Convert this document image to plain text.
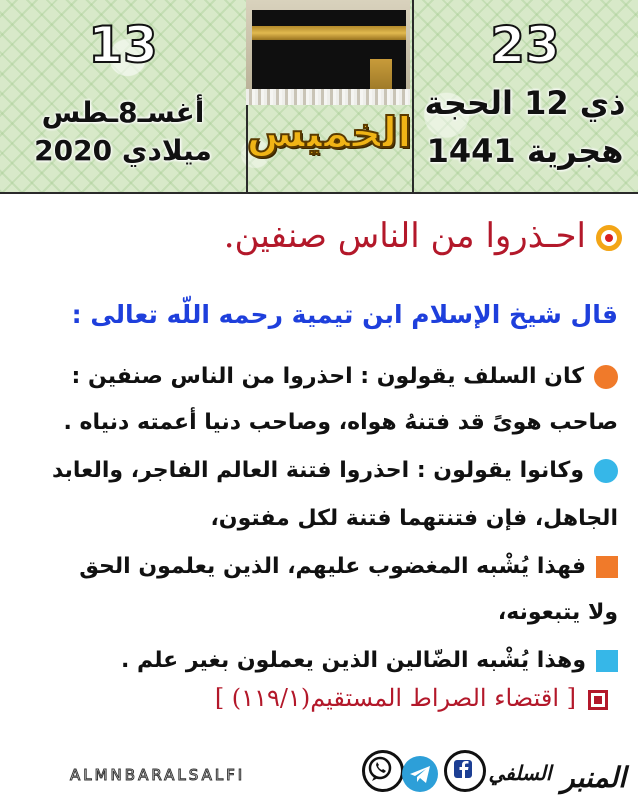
13
أغسـ8ـطس
2020 ميلادي الخميس
23
ذي 12 الحجة
1441 هجرية
احـذروا من الناس صنفين.
قال شيخ الإسلام ابن تيمية رحمه اللّه تعالى :
كان السلف يقولون : احذروا من الناس صنفين :
صاحب هوىً قد فتنهُ هواه، وصاحب دنيا أعمته دنياه .
وكانوا يقولون : احذروا فتنة العالم الفاجر، والعابد
الجاهل، فإن فتنتهما فتنة لكل مفتون،
فهذا يُشْبه المغضوب عليهم، الذين يعلمون الحق
ولا يتبعونه،
وهذا يُشْبه الضّالين الذين يعملون بغير علم .
[ اقتضاء الصراط المستقيم(١١٩/١) ]
ALMNBARALSALFI	المنبر $^{السلفي}$
